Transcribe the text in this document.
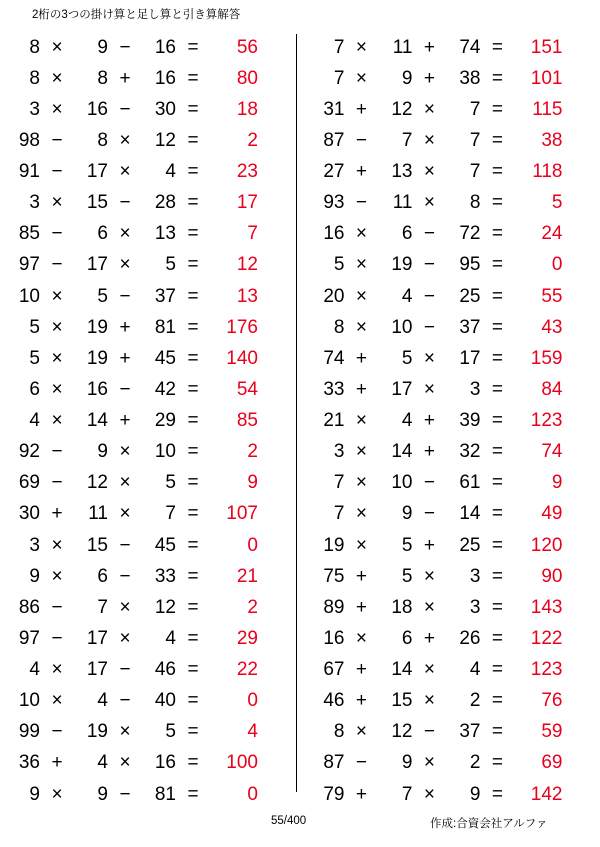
2桁の3つの掛け算と足し算と引き算解答
8 ×	9 −	16 =	56
8 ×	8 +	16 =	80
3 ×	16 −	30 =	18
98 −	8 ×	12 =	2
91 −	17 ×	4 =	23
3 ×	15 −	28 =	17
85 −	6 ×	13 =	7
97 −	17 ×	5 =	12
10 ×	5 −	37 =	13
5 ×	19 +	81 =	176
5 ×	19 +	45 =	140
6 ×	16 −	42 =	54
4 ×	14 +	29 =	85
92 −	9 ×	10 =	2
69 −	12 ×	5 =	9
30 +	11 ×	7 =	107
3 ×	15 −	45 =	0
9 ×	6 −	33 =	21
86 −	7 ×	12 =	2
97 −	17 ×	4 =	29
4 ×	17 −	46 =	22
10 ×	4 −	40 =	0
99 −	19 ×	5 =	4
36 +	4 ×	16 =	100
9 ×	9 −	81 =	0
7 ×	11 +	74 =	151
7 ×	9 +	38 =	101
31 +	12 ×	7 =	115
87 −	7 ×	7 =	38
27 +	13 ×	7 =	118
93 −	11 ×	8 =	5
16 ×	6 −	72 =	24
5 ×	19 −	95 =	0
20 ×	4 −	25 =	55
8 ×	10 −	37 =	43
74 +	5 ×	17 =	159
33 +	17 ×	3 =	84
21 ×	4 +	39 =	123
3 ×	14 +	32 =	74
7 ×	10 −	61 =	9
7 ×	9 −	14 =	49
19 ×	5 +	25 =	120
75 +	5 ×	3 =	90
89 +	18 ×	3 =	143
16 ×	6 +	26 =	122
67 +	14 ×	4 =	123
46 +	15 ×	2 =	76
8 ×	12 −	37 =	59
87 −	9 ×	2 =	69
79 +	7 ×	9 =	142
55/400	作成:合資会社アルファ
